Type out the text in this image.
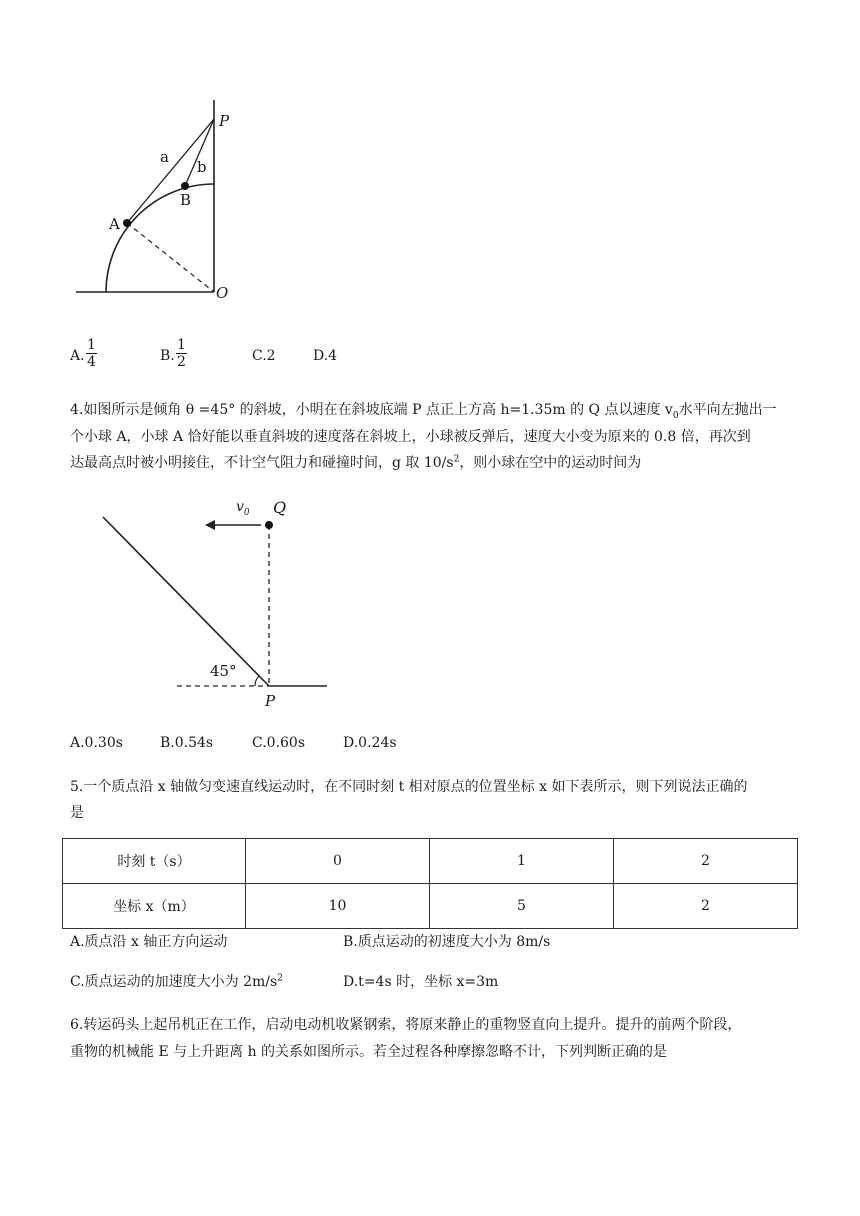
P
a
b
B
A
O
A.
1
4	B.
1
2	C.2	D.4
4.如图所示是倾角 θ =45° 的斜坡，小明在在斜坡底端 P 点正上方高 h=1.35m 的 Q 点以速度 $v_0$水平向左抛出一
个小球 A，小球 A 恰好能以垂直斜坡的速度落在斜坡上，小球被反弹后，速度大小变为原来的 0.8 倍，再次到
达最高点时被小明接住，不计空气阻力和碰撞时间，g 取 $10/s^2$，则小球在空中的运动时间为
$v_0$ Q
45°
P
A.0.30s	B.0.54s	C.0.60s	D.0.24s
5.一个质点沿 x 轴做匀变速直线运动时，在不同时刻 t 相对原点的位置坐标 x 如下表所示，则下列说法正确的
是
时刻 t（s）	0	1	2
坐标 x（m）	10	5	2
A.质点沿 x 轴正方向运动	B.质点运动的初速度大小为 8m/s
C.质点运动的加速度大小为 $2m/s^2$	D.t=4s 时，坐标 x=3m
6.转运码头上起吊机正在工作，启动电动机收紧钢索，将原来静止的重物竖直向上提升。提升的前两个阶段，
重物的机械能 E 与上升距离 h 的关系如图所示。若全过程各种摩擦忽略不计，下列判断正确的是
